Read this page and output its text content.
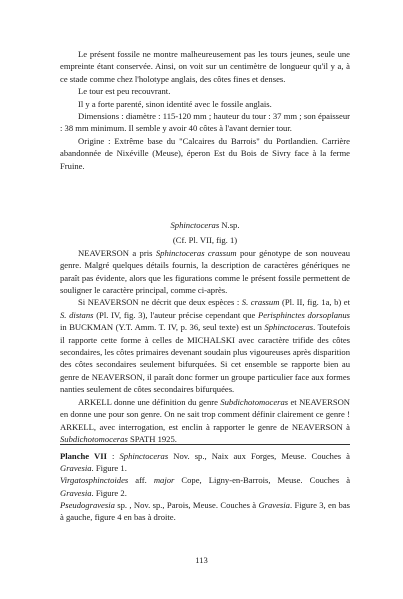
Le présent fossile ne montre malheureusement pas les tours jeunes, seule une empreinte étant conservée. Ainsi, on voit sur un centimètre de longueur qu'il y a, à ce stade comme chez l'holotype anglais, des côtes fines et denses.

Le tour est peu recouvrant.

Il y a forte parenté, sinon identité avec le fossile anglais.

Dimensions : diamètre : 115-120 mm ; hauteur du tour : 37 mm ; son épaisseur : 38 mm minimum. Il semble y avoir 40 côtes à l'avant dernier tour.

Origine : Extrême base du "Calcaires du Barrois" du Portlandien. Carrière abandonnée de Nixéville (Meuse), éperon Est du Bois de Sivry face à la ferme Fruine.

Sphinctoceras N.sp.
(Cf. Pl. VII, fig. 1)

NEAVERSON a pris Sphinctoceras crassum pour génotype de son nouveau genre. Malgré quelques détails fournis, la description de caractères génériques ne paraît pas évidente, alors que les figurations comme le présent fossile permettent de souligner le caractère principal, comme ci-après.

Si NEAVERSON ne décrit que deux espèces : S. crassum (Pl. II, fig. 1a, b) et S. distans (Pl. IV, fig. 3), l'auteur précise cependant que Perisphinctes dorsoplanus in BUCKMAN (Y.T. Amm. T. IV, p. 36, seul texte) est un Sphinctoceras. Toutefois il rapporte cette forme à celles de MICHALSKI avec caractère trifide des côtes secondaires, les côtes primaires devenant soudain plus vigoureuses après disparition des côtes secondaires seulement bifurquées. Si cet ensemble se rapporte bien au genre de NEAVERSON, il paraît donc former un groupe particulier face aux formes nanties seulement de côtes secondaires bifurquées.

ARKELL donne une définition du genre Subdichotomoceras et NEAVERSON en donne une pour son genre. On ne sait trop comment définir clairement ce genre ! ARKELL, avec interrogation, est enclin à rapporter le genre de NEAVERSON à Subdichotomoceras SPATH 1925.

Planche VII : Sphinctoceras Nov. sp., Naix aux Forges, Meuse. Couches à Gravesia. Figure 1.

Virgatosphinctoides aff. major Cope, Ligny-en-Barrois, Meuse. Couches à Gravesia. Figure 2.

Pseudogravesia sp. , Nov. sp., Parois, Meuse. Couches à Gravesia. Figure 3, en bas à gauche, figure 4 en bas à droite.

113
